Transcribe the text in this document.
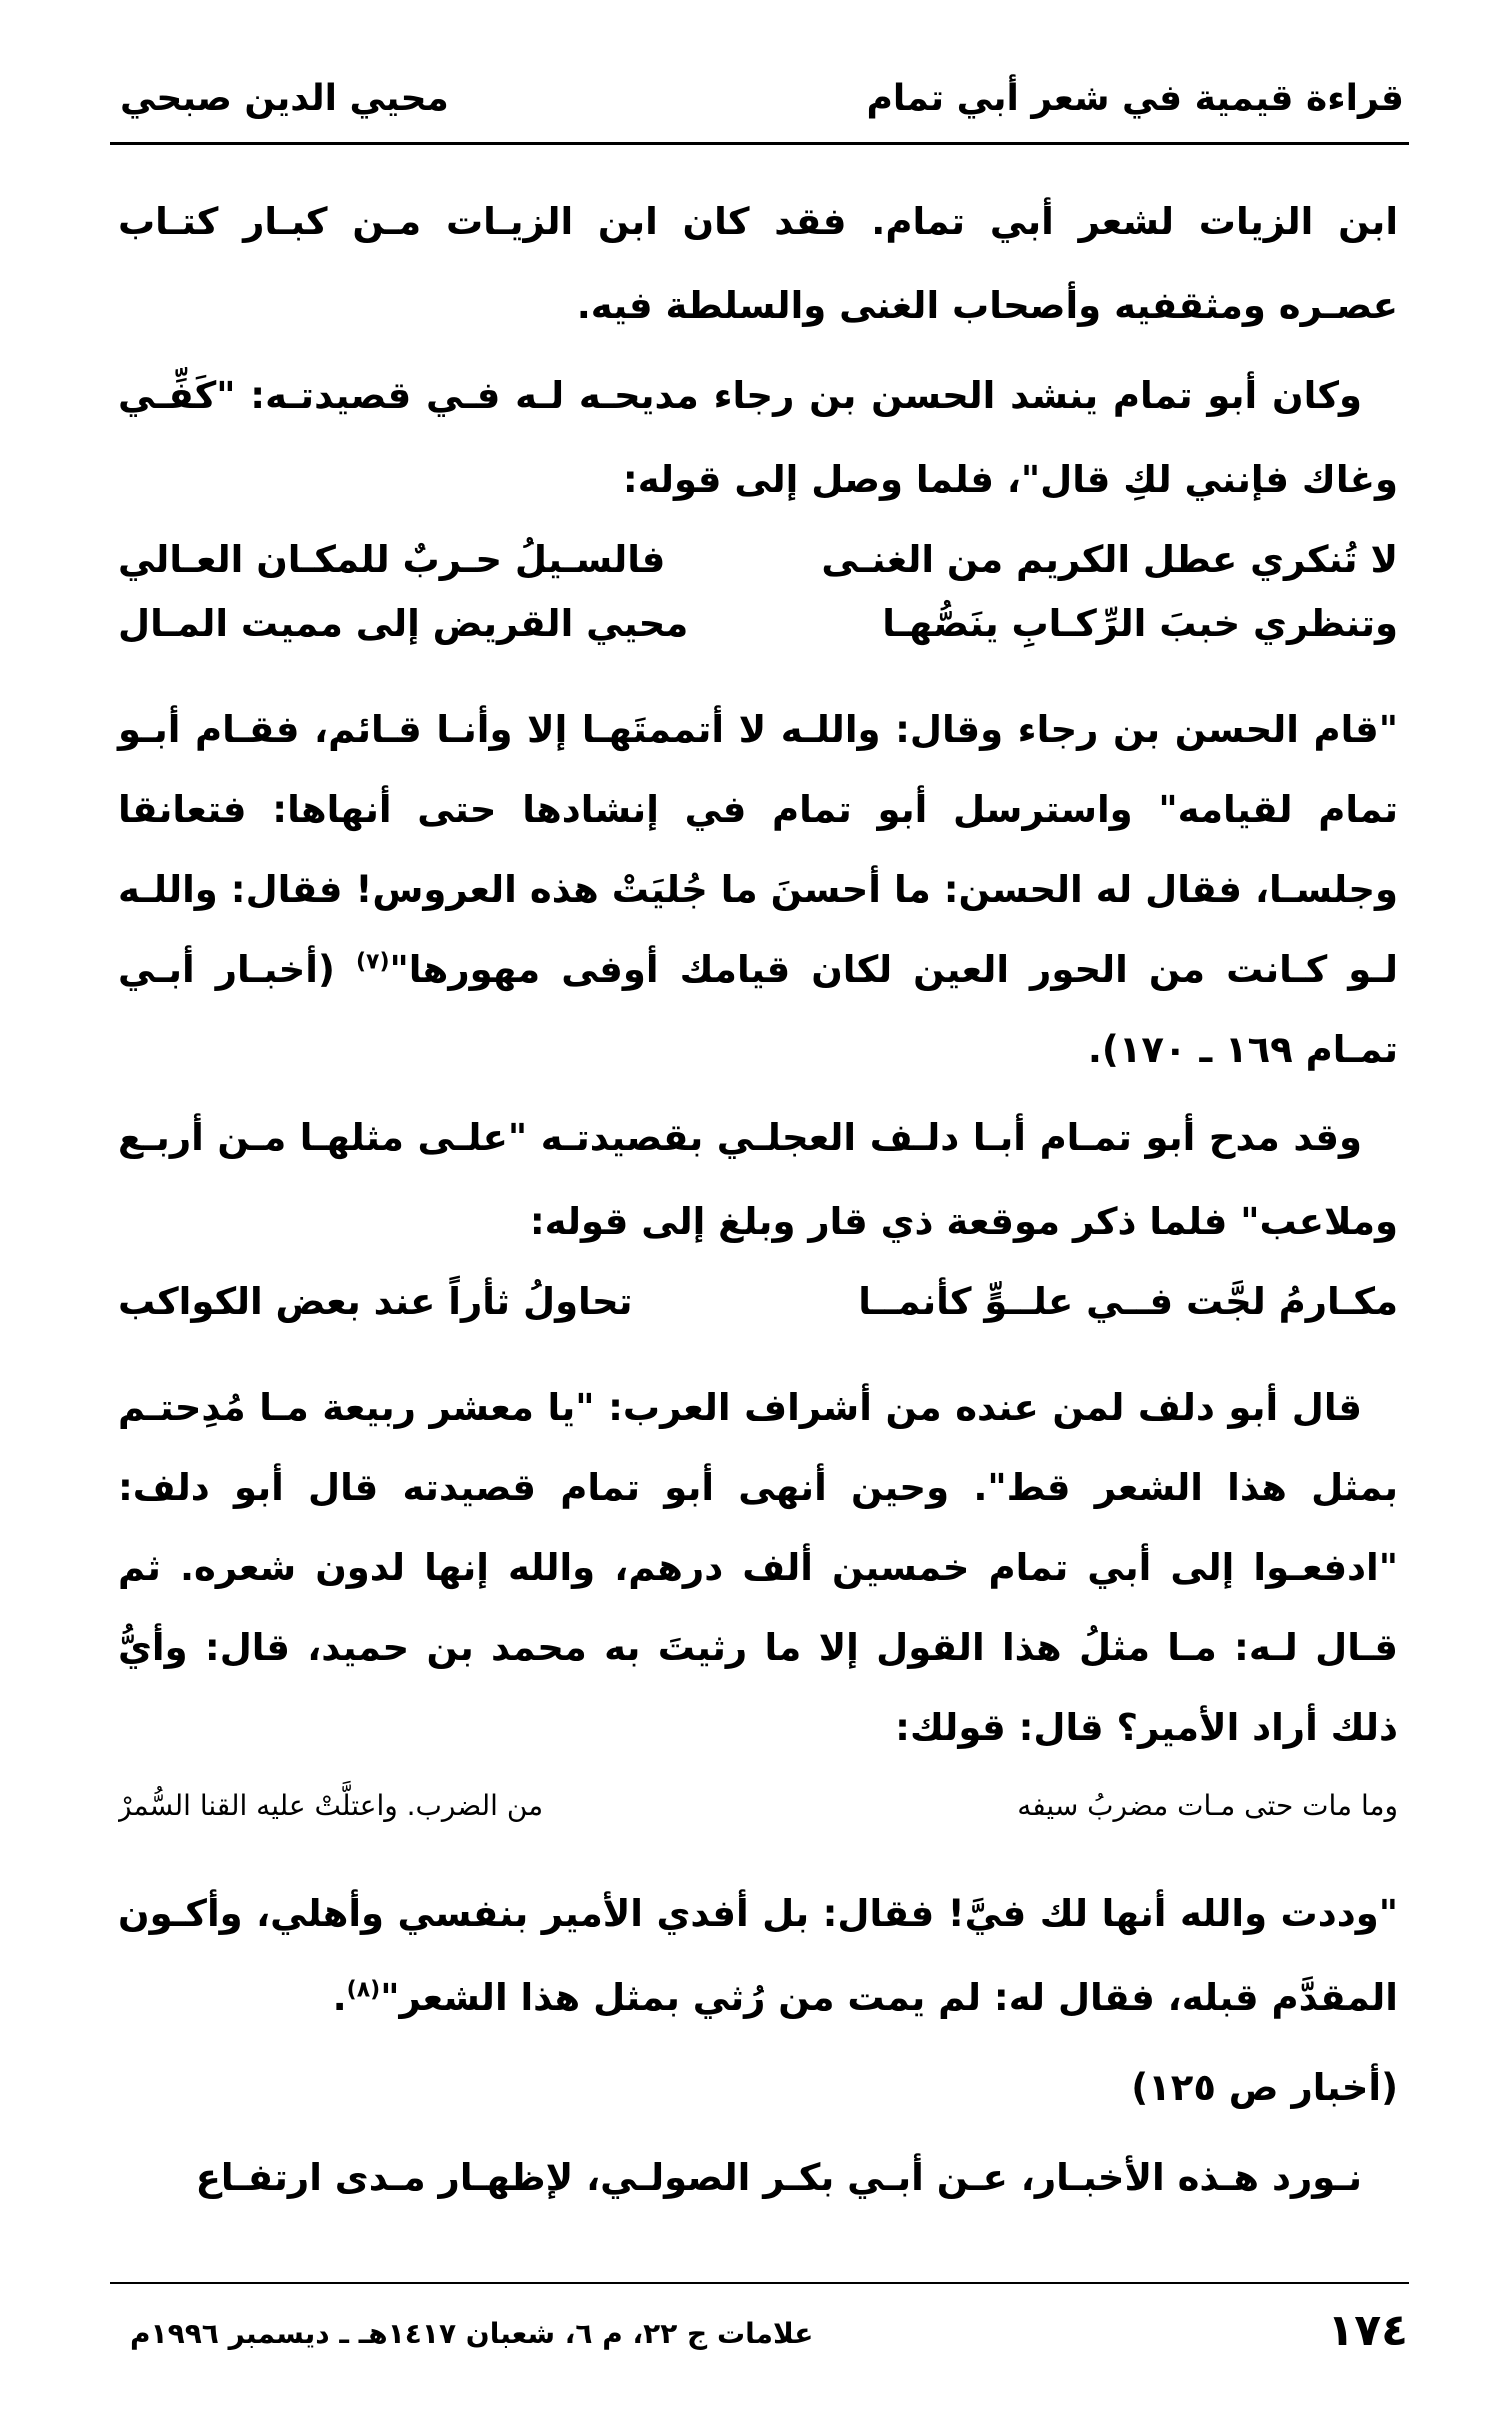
قراءة قيمية في شعر أبي تمام
محيي الدين صبحي

ابن الزيات لشعر أبي تمام. فقد كان ابن الزيـات مـن كبـار كتـاب عصـره ومثقفيه وأصحاب الغنى والسلطة فيه.

وكان أبو تمام ينشد الحسن بن رجاء مديحـه لـه فـي قصيدتـه: "كَفِّـي وغاك فإنني لكِ قال"، فلما وصل إلى قوله:

لا تُنكري عطل الكريم من الغنـى
فالسـيلُ حـربٌ للمكـان العـالي
وتنظري خببَ الرِّكـابِ ينَصُّهـا
محيي القريض إلى مميت المـال

"قام الحسن بن رجاء وقال: واللـه لا أتممتَهـا إلا وأنـا قـائم، فقـام أبـو تمام لقيامه" واسترسل أبو تمام في إنشادها حتى أنهاها: فتعانقا وجلسـا، فقال له الحسن: ما أحسنَ ما جُليَتْ هذه العروس! فقال: واللـه لـو كـانت من الحور العين لكان قيامك أوفى مهورها"$^{(٧)}$ (أخبـار أبـي تمـام ١٦٩ ـ ١٧٠).

وقد مدح أبو تمـام أبـا دلـف العجلـي بقصيدتـه "علـى مثلهـا مـن أربـع وملاعب" فلما ذكر موقعة ذي قار وبلغ إلى قوله:

مكـارمُ لجَّت فــي علــوٍّ كأنمــا
تحاولُ ثأراً عند بعض الكواكب

قال أبو دلف لمن عنده من أشراف العرب: "يا معشر ربيعة مـا مُدِحتـم بمثل هذا الشعر قط". وحين أنهى أبو تمام قصيدته قال أبو دلف: "ادفعـوا إلى أبي تمام خمسين ألف درهم، والله إنها لدون شعره. ثم قـال لـه: مـا مثلُ هذا القول إلا ما رثيتَ به محمد بن حميد، قال: وأيُّ ذلك أراد الأمير؟ قال: قولك:

وما مات حتى مـات مضربُ سيفه
من الضرب. واعتلَّتْ عليه القنا السُّمرْ

"وددت والله أنها لك فيَّ! فقال: بل أفدي الأمير بنفسي وأهلي، وأكـون المقدَّم قبله، فقال له: لم يمت من رُثي بمثل هذا الشعر"$^{(٨)}$.

(أخبار ص ١٢٥)

نـورد هـذه الأخبـار، عـن أبـي بكـر الصولـي، لإظهـار مـدى ارتفـاع

١٧٤
علامات ج ٢٢، م ٦، شعبان ١٤١٧هـ ـ ديسمبر ١٩٩٦م
